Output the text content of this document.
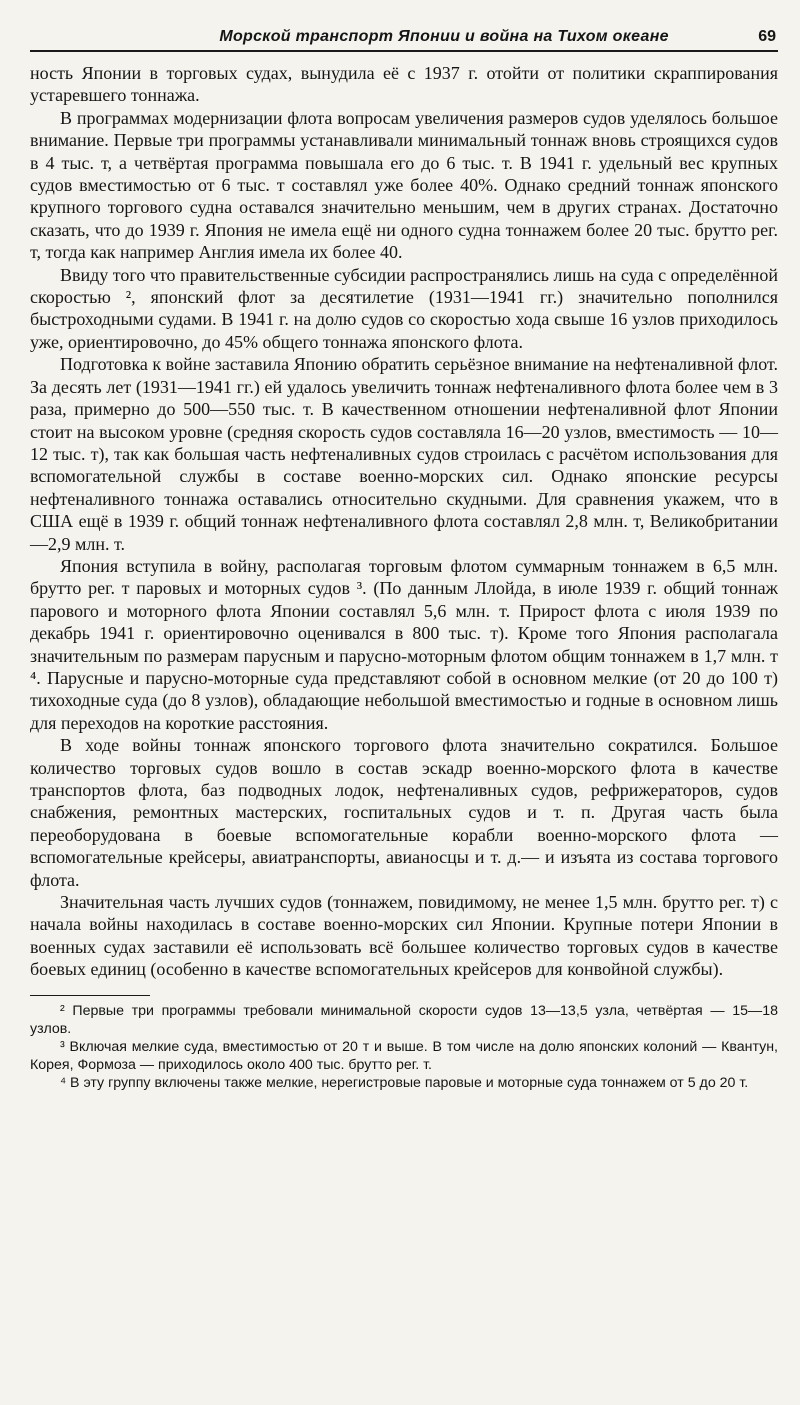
Морской транспорт Японии и война на Тихом океане	69

ность Японии в торговых судах, вынудила её с 1937 г. отойти от политики скраппирования устаревшего тоннажа.

В программах модернизации флота вопросам увеличения размеров судов уделялось большое внимание. Первые три программы устанавливали минимальный тоннаж вновь строящихся судов в 4 тыс. т, а четвёртая программа повышала его до 6 тыс. т. В 1941 г. удельный вес крупных судов вместимостью от 6 тыс. т составлял уже более 40%. Однако средний тоннаж японского крупного торгового судна оставался значительно меньшим, чем в других странах. Достаточно сказать, что до 1939 г. Япония не имела ещё ни одного судна тоннажем более 20 тыс. брутто рег. т, тогда как например Англия имела их более 40.

Ввиду того что правительственные субсидии распространялись лишь на суда с определённой скоростью ², японский флот за десятилетие (1931—1941 гг.) значительно пополнился быстроходными судами. В 1941 г. на долю судов со скоростью хода свыше 16 узлов приходилось уже, ориентировочно, до 45% общего тоннажа японского флота.

Подготовка к войне заставила Японию обратить серьёзное внимание на нефтеналивной флот. За десять лет (1931—1941 гг.) ей удалось увеличить тоннаж нефтеналивного флота более чем в 3 раза, примерно до 500—550 тыс. т. В качественном отношении нефтеналивной флот Японии стоит на высоком уровне (средняя скорость судов составляла 16—20 узлов, вместимость — 10—12 тыс. т), так как большая часть нефтеналивных судов строилась с расчётом использования для вспомогательной службы в составе военно-морских сил. Однако японские ресурсы нефтеналивного тоннажа оставались относительно скудными. Для сравнения укажем, что в США ещё в 1939 г. общий тоннаж нефтеналивного флота составлял 2,8 млн. т, Великобритании —2,9 млн. т.

Япония вступила в войну, располагая торговым флотом суммарным тоннажем в 6,5 млн. брутто рег. т паровых и моторных судов ³. (По данным Ллойда, в июле 1939 г. общий тоннаж парового и моторного флота Японии составлял 5,6 млн. т. Прирост флота с июля 1939 по декабрь 1941 г. ориентировочно оценивался в 800 тыс. т). Кроме того Япония располагала значительным по размерам парусным и парусно-моторным флотом общим тоннажем в 1,7 млн. т ⁴. Парусные и парусно-моторные суда представляют собой в основном мелкие (от 20 до 100 т) тихоходные суда (до 8 узлов), обладающие небольшой вместимостью и годные в основном лишь для переходов на короткие расстояния.

В ходе войны тоннаж японского торгового флота значительно сократился. Большое количество торговых судов вошло в состав эскадр военно-морского флота в качестве транспортов флота, баз подводных лодок, нефтеналивных судов, рефрижераторов, судов снабжения, ремонтных мастерских, госпитальных судов и т. п. Другая часть была переоборудована в боевые вспомогательные корабли военно-морского флота — вспомогательные крейсеры, авиатранспорты, авианосцы и т. д.— и изъята из состава торгового флота.

Значительная часть лучших судов (тоннажем, повидимому, не менее 1,5 млн. брутто рег. т) с начала войны находилась в составе военно-морских сил Японии. Крупные потери Японии в военных судах заставили её использовать всё большее количество торговых судов в качестве боевых единиц (особенно в качестве вспомогательных крейсеров для конвойной службы).

² Первые три программы требовали минимальной скорости судов 13—13,5 узла, четвёртая — 15—18 узлов.

³ Включая мелкие суда, вместимостью от 20 т и выше. В том числе на долю японских колоний — Квантун, Корея, Формоза — приходилось около 400 тыс. брутто рег. т.

⁴ В эту группу включены также мелкие, нерегистровые паровые и моторные суда тоннажем от 5 до 20 т.
